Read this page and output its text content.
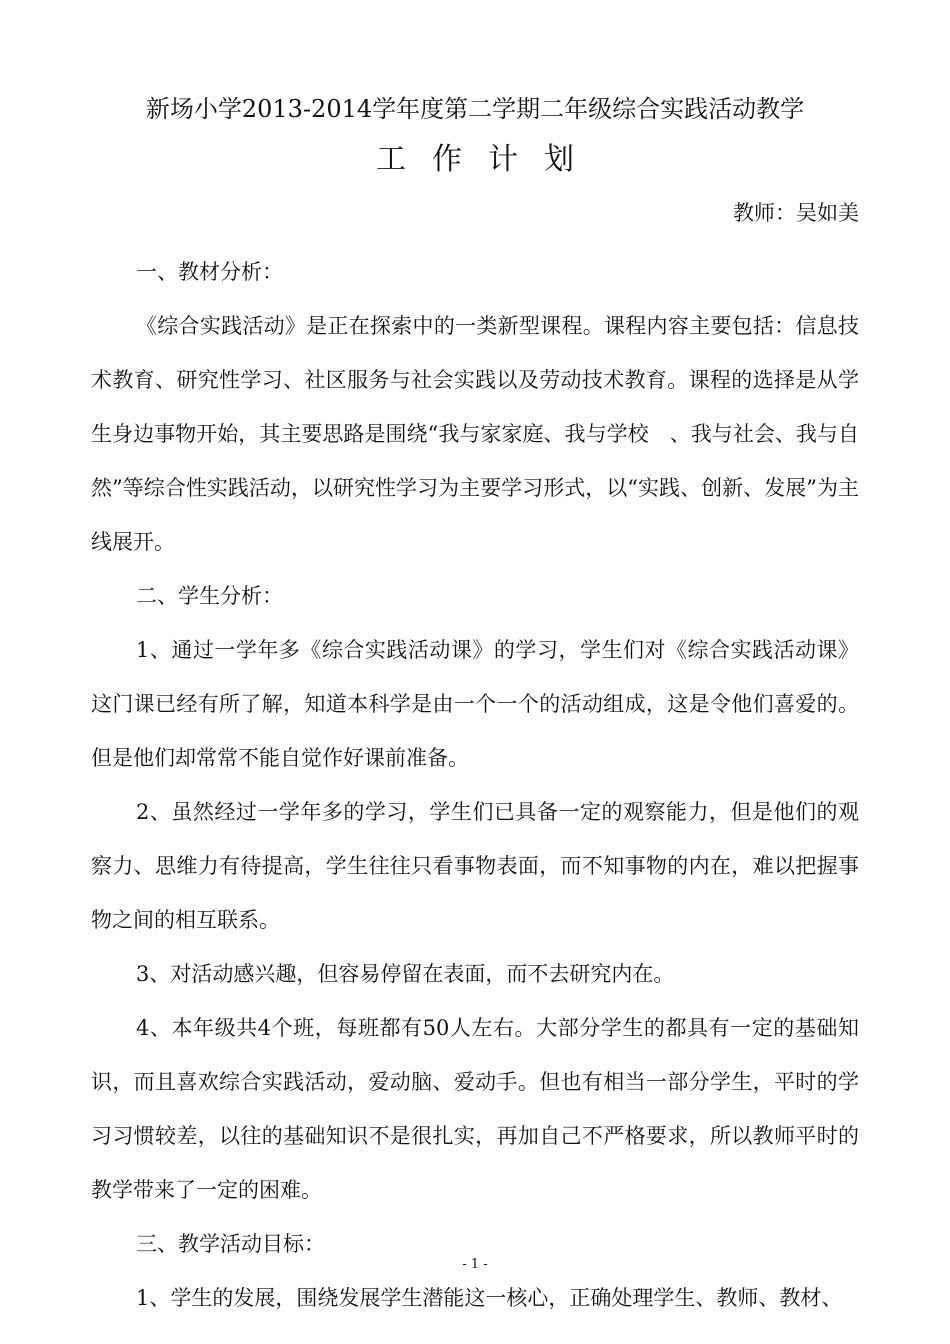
新场小学2013-2014学年度第二学期二年级综合实践活动教学
工作计划
教师：吴如美

一、教材分析：

《综合实践活动》是正在探索中的一类新型课程。课程内容主要包括：信息技术教育、研究性学习、社区服务与社会实践以及劳动技术教育。课程的选择是从学生身边事物开始，其主要思路是围绕“我与家家庭、我与学校　、我与社会、我与自然”等综合性实践活动，以研究性学习为主要学习形式，以“实践、创新、发展”为主线展开。

二、学生分析：

1、通过一学年多《综合实践活动课》的学习，学生们对《综合实践活动课》这门课已经有所了解，知道本科学是由一个一个的活动组成，这是令他们喜爱的。但是他们却常常不能自觉作好课前准备。

2、虽然经过一学年多的学习，学生们已具备一定的观察能力，但是他们的观察力、思维力有待提高，学生往往只看事物表面，而不知事物的内在，难以把握事物之间的相互联系。

3、对活动感兴趣，但容易停留在表面，而不去研究内在。

4、本年级共4个班，每班都有50人左右。大部分学生的都具有一定的基础知识，而且喜欢综合实践活动，爱动脑、爱动手。但也有相当一部分学生，平时的学习习惯较差，以往的基础知识不是很扎实，再加自己不严格要求，所以教师平时的教学带来了一定的困难。

三、教学活动目标：

1、学生的发展，围绕发展学生潜能这一核心，正确处理学生、教师、教材、

- 1 -
